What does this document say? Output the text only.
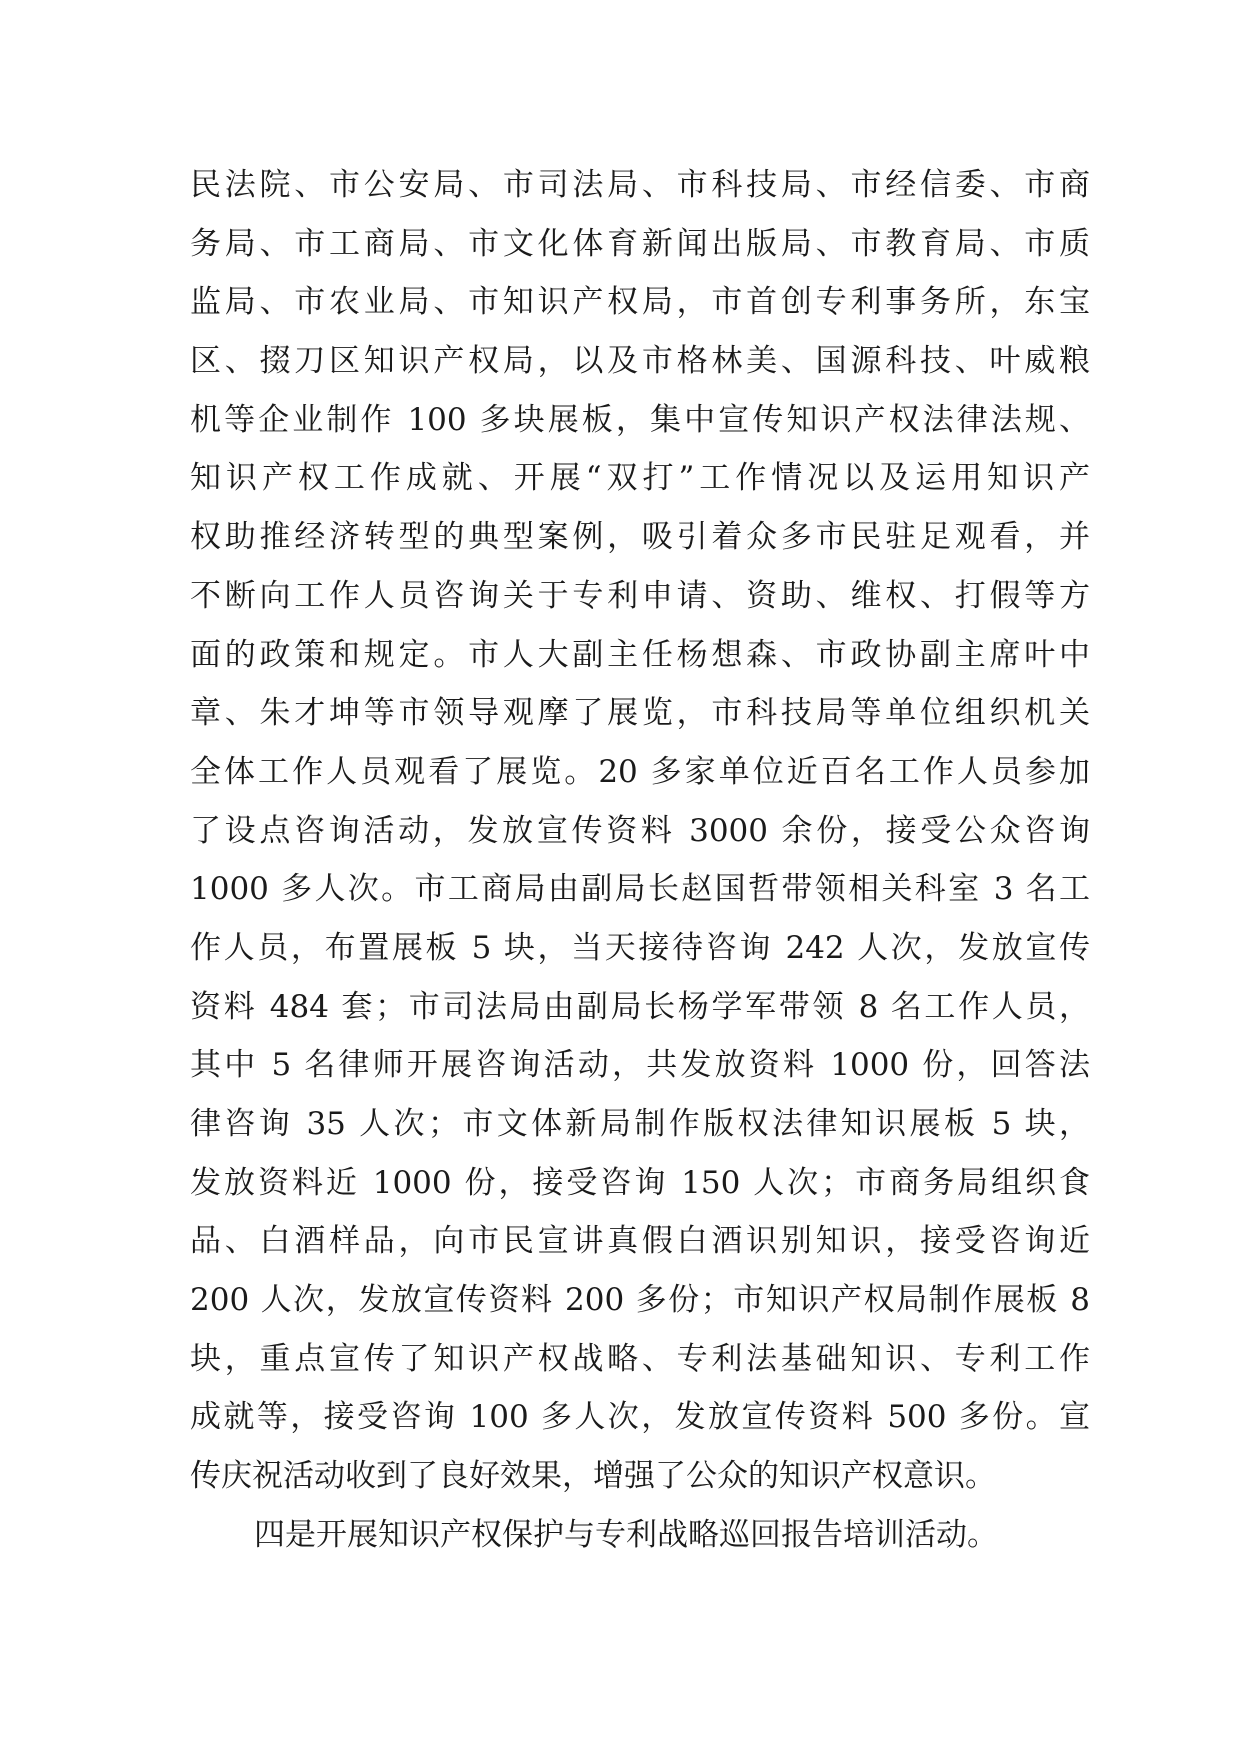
民法院、市公安局、市司法局、市科技局、市经信委、市商
务局、市工商局、市文化体育新闻出版局、市教育局、市质
监局、市农业局、市知识产权局，市首创专利事务所，东宝
区、掇刀区知识产权局，以及市格林美、国源科技、叶威粮
机等企业制作 100 多块展板，集中宣传知识产权法律法规、
知识产权工作成就、开展“双打”工作情况以及运用知识产
权助推经济转型的典型案例，吸引着众多市民驻足观看，并
不断向工作人员咨询关于专利申请、资助、维权、打假等方
面的政策和规定。市人大副主任杨想森、市政协副主席叶中
章、朱才坤等市领导观摩了展览，市科技局等单位组织机关
全体工作人员观看了展览。20 多家单位近百名工作人员参加
了设点咨询活动，发放宣传资料 3000 余份，接受公众咨询
1000 多人次。市工商局由副局长赵国哲带领相关科室 3 名工
作人员，布置展板 5 块，当天接待咨询 242 人次，发放宣传
资料 484 套；市司法局由副局长杨学军带领 8 名工作人员，
其中 5 名律师开展咨询活动，共发放资料 1000 份，回答法
律咨询 35 人次；市文体新局制作版权法律知识展板 5 块，
发放资料近 1000 份，接受咨询 150 人次；市商务局组织食
品、白酒样品，向市民宣讲真假白酒识别知识，接受咨询近
200 人次，发放宣传资料 200 多份；市知识产权局制作展板 8
块，重点宣传了知识产权战略、专利法基础知识、专利工作
成就等，接受咨询 100 多人次，发放宣传资料 500 多份。宣
传庆祝活动收到了良好效果，增强了公众的知识产权意识。
四是开展知识产权保护与专利战略巡回报告培训活动。
